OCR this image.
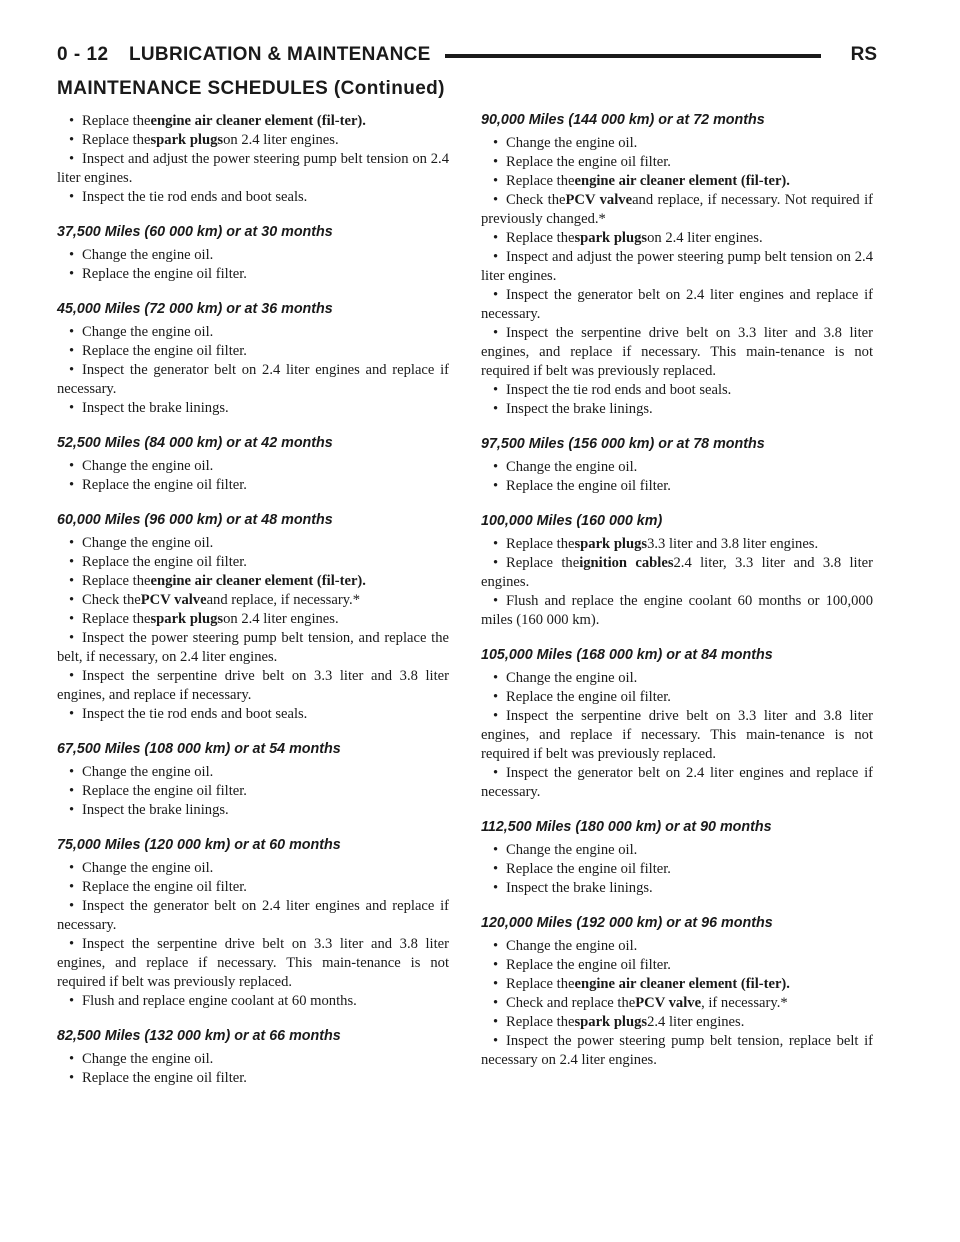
0 - 12 LUBRICATION & MAINTENANCE	RS
MAINTENANCE SCHEDULES (Continued)
• Replace theengine air cleaner element (fil-ter).
• Replace thespark plugson 2.4 liter engines.
• Inspect and adjust the power steering pump belt tension on 2.4 liter engines.
• Inspect the tie rod ends and boot seals.
37,500 Miles (60 000 km) or at 30 months
• Change the engine oil.
• Replace the engine oil filter.
45,000 Miles (72 000 km) or at 36 months
• Change the engine oil.
• Replace the engine oil filter.
• Inspect the generator belt on 2.4 liter engines and replace if necessary.
• Inspect the brake linings.
52,500 Miles (84 000 km) or at 42 months
• Change the engine oil.
• Replace the engine oil filter.
60,000 Miles (96 000 km) or at 48 months
• Change the engine oil.
• Replace the engine oil filter.
• Replace theengine air cleaner element (fil-ter).
• Check thePCV valveand replace, if necessary.*
• Replace thespark plugson 2.4 liter engines.
• Inspect the power steering pump belt tension, and replace the belt, if necessary, on 2.4 liter engines.
• Inspect the serpentine drive belt on 3.3 liter and 3.8 liter engines, and replace if necessary.
• Inspect the tie rod ends and boot seals.
67,500 Miles (108 000 km) or at 54 months
• Change the engine oil.
• Replace the engine oil filter.
• Inspect the brake linings.
75,000 Miles (120 000 km) or at 60 months
• Change the engine oil.
• Replace the engine oil filter.
• Inspect the generator belt on 2.4 liter engines and replace if necessary.
• Inspect the serpentine drive belt on 3.3 liter and 3.8 liter engines, and replace if necessary. This main-tenance is not required if belt was previously replaced.
• Flush and replace engine coolant at 60 months.
82,500 Miles (132 000 km) or at 66 months
• Change the engine oil.
• Replace the engine oil filter.
90,000 Miles (144 000 km) or at 72 months
• Change the engine oil.
• Replace the engine oil filter.
• Replace theengine air cleaner element (fil-ter).
• Check thePCV valveand replace, if necessary. Not required if previously changed.*
• Replace thespark plugson 2.4 liter engines.
• Inspect and adjust the power steering pump belt tension on 2.4 liter engines.
• Inspect the generator belt on 2.4 liter engines and replace if necessary.
• Inspect the serpentine drive belt on 3.3 liter and 3.8 liter engines, and replace if necessary. This main-tenance is not required if belt was previously replaced.
• Inspect the tie rod ends and boot seals.
• Inspect the brake linings.
97,500 Miles (156 000 km) or at 78 months
• Change the engine oil.
• Replace the engine oil filter.
100,000 Miles (160 000 km)
• Replace thespark plugs3.3 liter and 3.8 liter engines.
• Replace theignition cables2.4 liter, 3.3 liter and 3.8 liter engines.
• Flush and replace the engine coolant 60 months or 100,000 miles (160 000 km).
105,000 Miles (168 000 km) or at 84 months
• Change the engine oil.
• Replace the engine oil filter.
• Inspect the serpentine drive belt on 3.3 liter and 3.8 liter engines, and replace if necessary. This main-tenance is not required if belt was previously replaced.
• Inspect the generator belt on 2.4 liter engines and replace if necessary.
112,500 Miles (180 000 km) or at 90 months
• Change the engine oil.
• Replace the engine oil filter.
• Inspect the brake linings.
120,000 Miles (192 000 km) or at 96 months
• Change the engine oil.
• Replace the engine oil filter.
• Replace theengine air cleaner element (fil-ter).
• Check and replace thePCV valve, if necessary.*
• Replace thespark plugs2.4 liter engines.
• Inspect the power steering pump belt tension, replace belt if necessary on 2.4 liter engines.
